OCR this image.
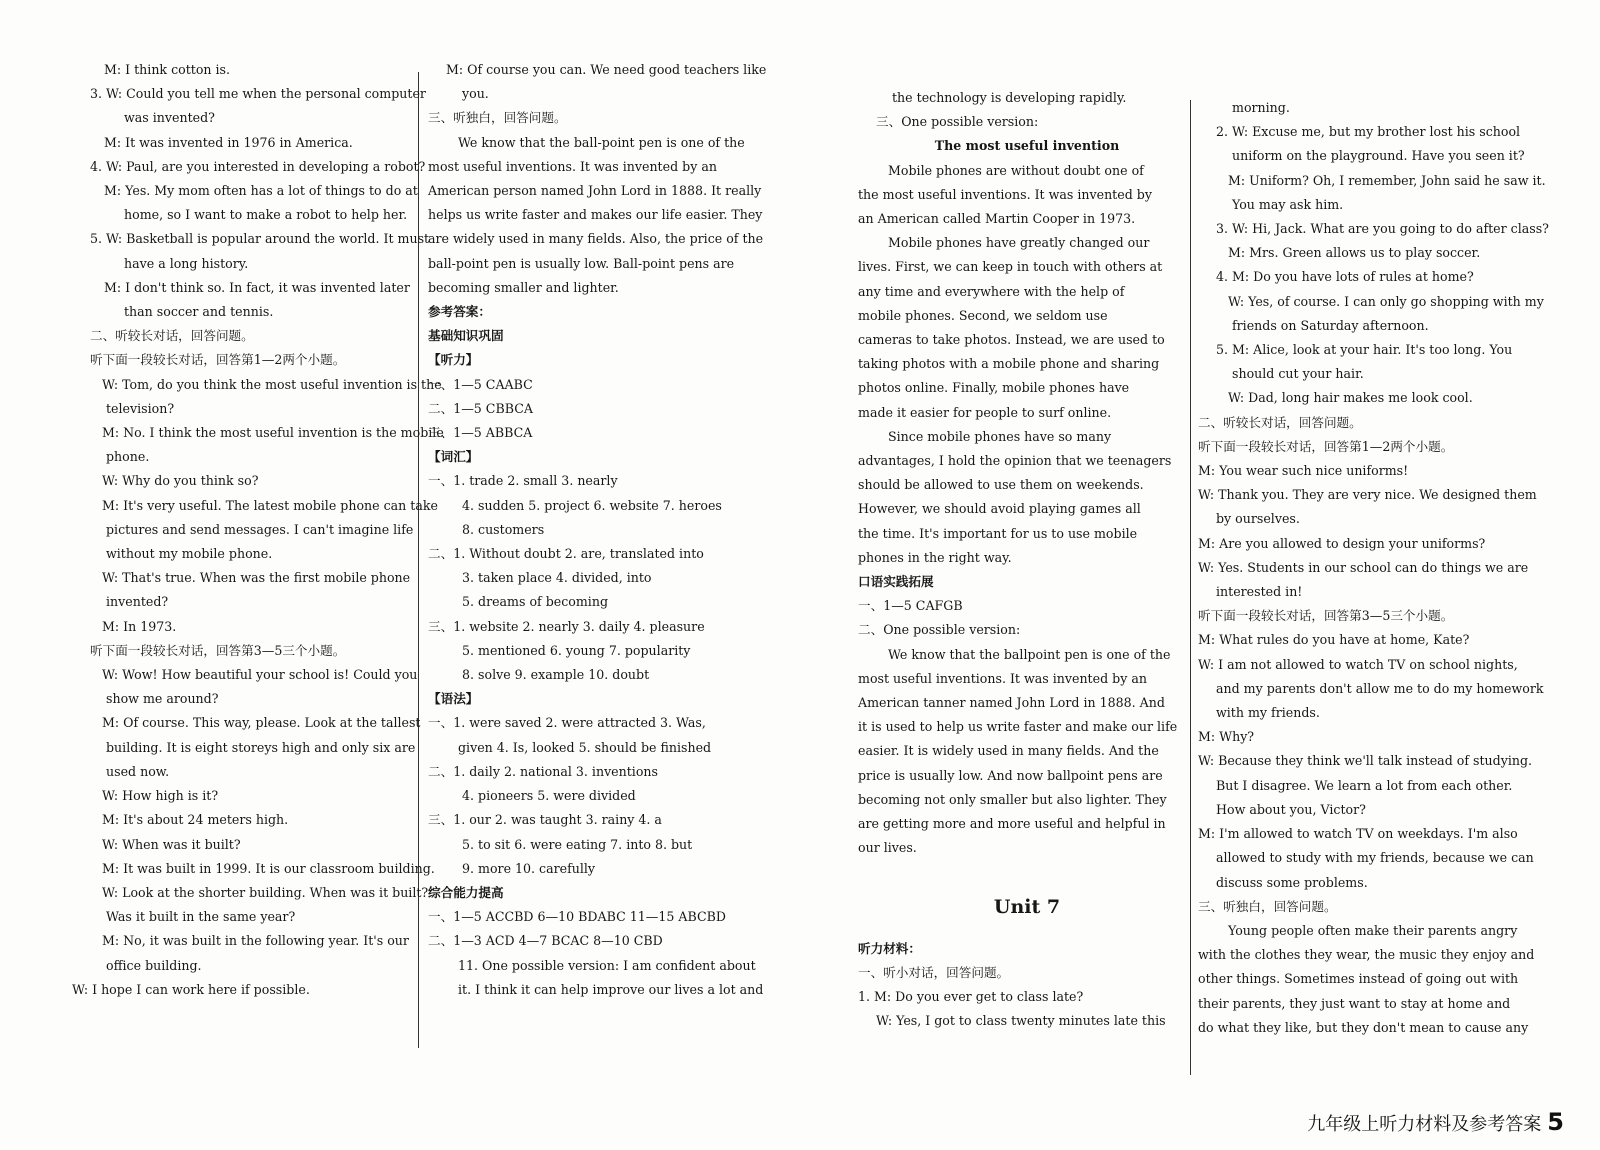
M: I think cotton is.
3. W: Could you tell me when the personal computer
was invented?
M: It was invented in 1976 in America.
4. W: Paul, are you interested in developing a robot?
M: Yes. My mom often has a lot of things to do at
home, so I want to make a robot to help her.
5. W: Basketball is popular around the world. It must
have a long history.
M: I don't think so. In fact, it was invented later
than soccer and tennis.
二、听较长对话，回答问题。
听下面一段较长对话，回答第1—2两个小题。
W: Tom, do you think the most useful invention is the
television?
M: No. I think the most useful invention is the mobile
phone.
W: Why do you think so?
M: It's very useful. The latest mobile phone can take
pictures and send messages. I can't imagine life
without my mobile phone.
W: That's true. When was the first mobile phone
invented?
M: In 1973.
听下面一段较长对话，回答第3—5三个小题。
W: Wow! How beautiful your school is! Could you
show me around?
M: Of course. This way, please. Look at the tallest
building. It is eight storeys high and only six are
used now.
W: How high is it?
M: It's about 24 meters high.
W: When was it built?
M: It was built in 1999. It is our classroom building.
W: Look at the shorter building. When was it built?
Was it built in the same year?
M: No, it was built in the following year. It's our
office building.
W: I hope I can work here if possible.
M: Of course you can. We need good teachers like
you.
三、听独白，回答问题。
We know that the ball-point pen is one of the
most useful inventions. It was invented by an
American person named John Lord in 1888. It really
helps us write faster and makes our life easier. They
are widely used in many fields. Also, the price of the
ball-point pen is usually low. Ball-point pens are
becoming smaller and lighter.
参考答案：
基础知识巩固
【听力】
一、1—5 CAABC
二、1—5 CBBCA
三、1—5 ABBCA
【词汇】
一、1. trade 2. small 3. nearly
4. sudden 5. project 6. website 7. heroes
8. customers
二、1. Without doubt 2. are, translated into
3. taken place 4. divided, into
5. dreams of becoming
三、1. website 2. nearly 3. daily 4. pleasure
5. mentioned 6. young 7. popularity
8. solve 9. example 10. doubt
【语法】
一、1. were saved 2. were attracted 3. Was,
given 4. Is, looked 5. should be finished
二、1. daily 2. national 3. inventions
4. pioneers 5. were divided
三、1. our 2. was taught 3. rainy 4. a
5. to sit 6. were eating 7. into 8. but
9. more 10. carefully
综合能力提高
一、1—5 ACCBD 6—10 BDABC 11—15 ABCBD
二、1—3 ACD 4—7 BCAC 8—10 CBD
11. One possible version: I am confident about
it. I think it can help improve our lives a lot and
the technology is developing rapidly.
三、One possible version:
The most useful invention
Mobile phones are without doubt one of
the most useful inventions. It was invented by
an American called Martin Cooper in 1973.
Mobile phones have greatly changed our
lives. First, we can keep in touch with others at
any time and everywhere with the help of
mobile phones. Second, we seldom use
cameras to take photos. Instead, we are used to
taking photos with a mobile phone and sharing
photos online. Finally, mobile phones have
made it easier for people to surf online.
Since mobile phones have so many
advantages, I hold the opinion that we teenagers
should be allowed to use them on weekends.
However, we should avoid playing games all
the time. It's important for us to use mobile
phones in the right way.
口语实践拓展
一、1—5 CAFGB
二、One possible version:
We know that the ballpoint pen is one of the
most useful inventions. It was invented by an
American tanner named John Lord in 1888. And
it is used to help us write faster and make our life
easier. It is widely used in many fields. And the
price is usually low. And now ballpoint pens are
becoming not only smaller but also lighter. They
are getting more and more useful and helpful in
our lives.
Unit 7
听力材料：
一、听小对话，回答问题。
1. M: Do you ever get to class late?
W: Yes, I got to class twenty minutes late this
morning.
2. W: Excuse me, but my brother lost his school
uniform on the playground. Have you seen it?
M: Uniform? Oh, I remember, John said he saw it.
You may ask him.
3. W: Hi, Jack. What are you going to do after class?
M: Mrs. Green allows us to play soccer.
4. M: Do you have lots of rules at home?
W: Yes, of course. I can only go shopping with my
friends on Saturday afternoon.
5. M: Alice, look at your hair. It's too long. You
should cut your hair.
W: Dad, long hair makes me look cool.
二、听较长对话，回答问题。
听下面一段较长对话，回答第1—2两个小题。
M: You wear such nice uniforms!
W: Thank you. They are very nice. We designed them
by ourselves.
M: Are you allowed to design your uniforms?
W: Yes. Students in our school can do things we are
interested in!
听下面一段较长对话，回答第3—5三个小题。
M: What rules do you have at home, Kate?
W: I am not allowed to watch TV on school nights,
and my parents don't allow me to do my homework
with my friends.
M: Why?
W: Because they think we'll talk instead of studying.
But I disagree. We learn a lot from each other.
How about you, Victor?
M: I'm allowed to watch TV on weekdays. I'm also
allowed to study with my friends, because we can
discuss some problems.
三、听独白，回答问题。
Young people often make their parents angry
with the clothes they wear, the music they enjoy and
other things. Sometimes instead of going out with
their parents, they just want to stay at home and
do what they like, but they don't mean to cause any
九年级上听力材料及参考答案 5
